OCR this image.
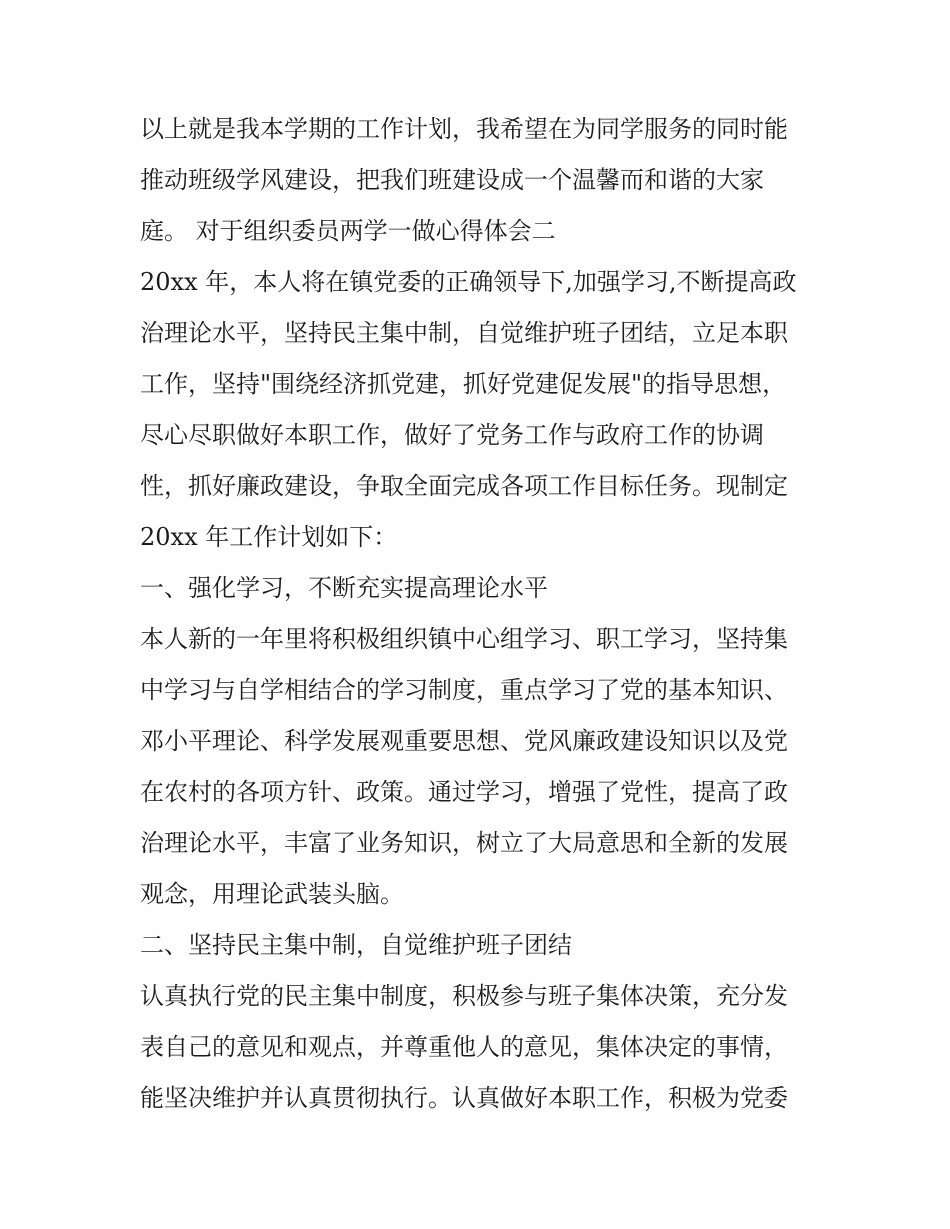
以上就是我本学期的工作计划，我希望在为同学服务的同时能
推动班级学风建设，把我们班建设成一个温馨而和谐的大家
庭。 对于组织委员两学一做心得体会二
20xx 年，本人将在镇党委的正确领导下,加强学习,不断提高政
治理论水平，坚持民主集中制，自觉维护班子团结，立足本职
工作，坚持"围绕经济抓党建，抓好党建促发展"的指导思想，
尽心尽职做好本职工作，做好了党务工作与政府工作的协调
性，抓好廉政建设，争取全面完成各项工作目标任务。现制定
20xx 年工作计划如下：
一、强化学习，不断充实提高理论水平
本人新的一年里将积极组织镇中心组学习、职工学习，坚持集
中学习与自学相结合的学习制度，重点学习了党的基本知识、
邓小平理论、科学发展观重要思想、党风廉政建设知识以及党
在农村的各项方针、政策。通过学习，增强了党性，提高了政
治理论水平，丰富了业务知识，树立了大局意思和全新的发展
观念，用理论武装头脑。
二、坚持民主集中制，自觉维护班子团结
认真执行党的民主集中制度，积极参与班子集体决策，充分发
表自己的意见和观点，并尊重他人的意见，集体决定的事情，
能坚决维护并认真贯彻执行。认真做好本职工作，积极为党委
